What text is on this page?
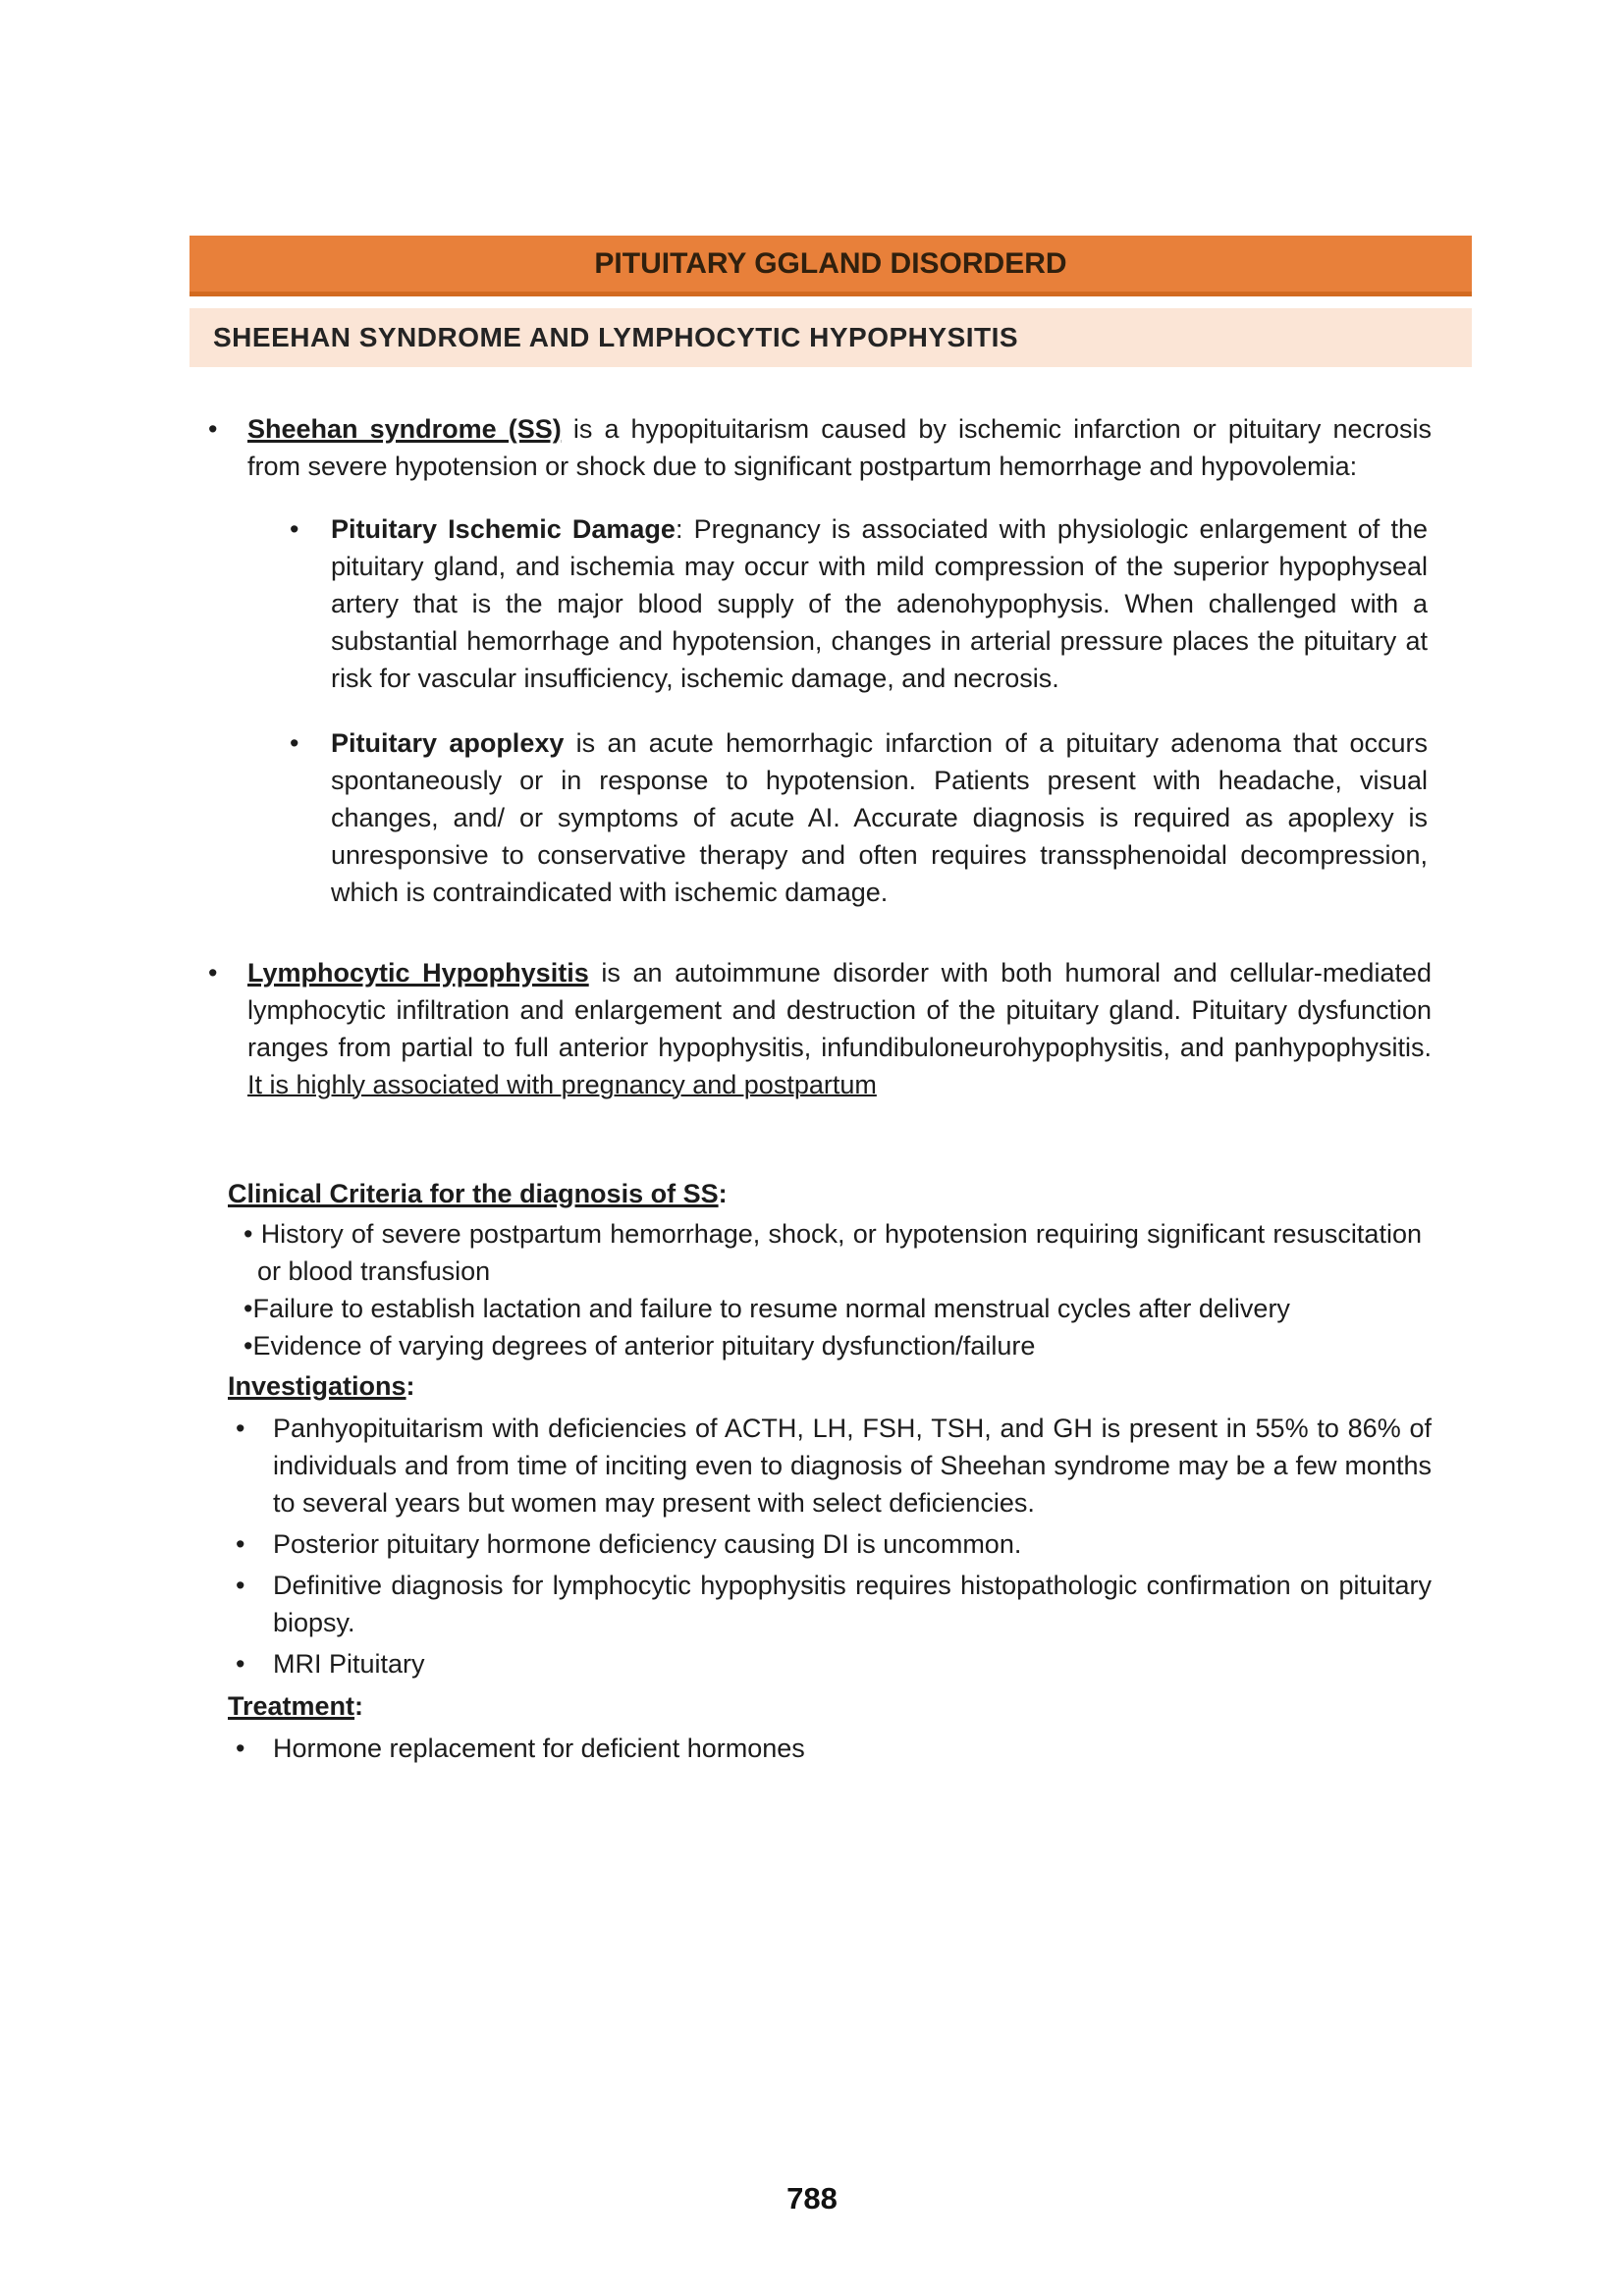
PITUITARY GGLAND DISORDERD
SHEEHAN SYNDROME AND LYMPHOCYTIC HYPOPHYSITIS
•	Sheehan syndrome (SS) is a hypopituitarism caused by ischemic infarction or pituitary necrosis from severe hypotension or shock due to significant postpartum hemorrhage and hypovolemia:
•	Pituitary Ischemic Damage: Pregnancy is associated with physiologic enlargement of the pituitary gland, and ischemia may occur with mild compression of the superior hypophyseal artery that is the major blood supply of the adenohypophysis. When challenged with a substantial hemorrhage and hypotension, changes in arterial pressure places the pituitary at risk for vascular insufficiency, ischemic damage, and necrosis.
•	Pituitary apoplexy is an acute hemorrhagic infarction of a pituitary adenoma that occurs spontaneously or in response to hypotension. Patients present with headache, visual changes, and/ or symptoms of acute AI. Accurate diagnosis is required as apoplexy is unresponsive to conservative therapy and often requires transsphenoidal decompression, which is contraindicated with ischemic damage.
•	Lymphocytic Hypophysitis is an autoimmune disorder with both humoral and cellular-mediated lymphocytic infiltration and enlargement and destruction of the pituitary gland. Pituitary dysfunction ranges from partial to full anterior hypophysitis, infundibuloneurohypophysitis, and panhypophysitis. It is highly associated with pregnancy and postpartum
Clinical Criteria for the diagnosis of SS:
• History of severe postpartum hemorrhage, shock, or hypotension requiring significant resuscitation or blood transfusion
•Failure to establish lactation and failure to resume normal menstrual cycles after delivery
•Evidence of varying degrees of anterior pituitary dysfunction/failure
Investigations:
•	Panhyopituitarism with deficiencies of ACTH, LH, FSH, TSH, and GH is present in 55% to 86% of individuals and from time of inciting even to diagnosis of Sheehan syndrome may be a few months to several years but women may present with select deficiencies.
•	Posterior pituitary hormone deficiency causing DI is uncommon.
•	Definitive diagnosis for lymphocytic hypophysitis requires histopathologic confirmation on pituitary biopsy.
•	MRI Pituitary
Treatment:
•	Hormone replacement for deficient hormones
788
